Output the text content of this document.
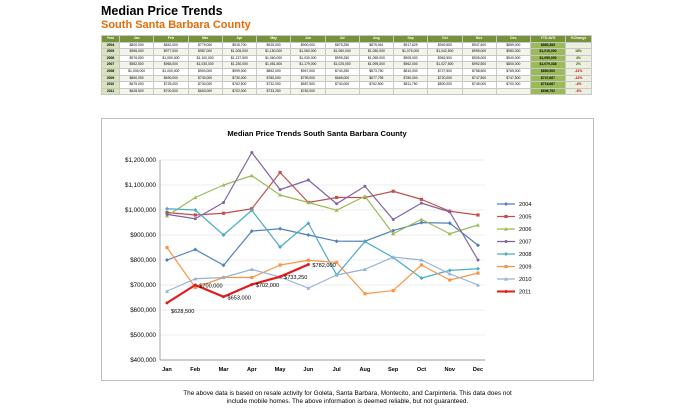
Median Price Trends
South Santa Barbara County
Year	Jan	Feb	Mar	Apr	May	Jun	Jul	Aug	Sep	Oct	Nov	Dec	YTD AVG	%Change
2004	$800,000	$842,000	$779,000	$915,700	$925,000	$900,000	$875,250	$875,061	$917,629	$949,500	$947,500	$859,000	$860,283	
2005	$965,000	$977,000	$987,000	$1,005,000	$1,150,000	$1,060,000	$1,060,000	$1,050,000	$1,075,000	$1,042,500	$995,000	$980,000	$1,019,000	18%
2006	$976,500	$1,050,000	$1,100,000	$1,137,500	$1,060,000	$1,030,000	$999,250	$1,055,000	$905,000	$962,500	$905,000	$940,000	$1,059,000	4%
2007	$982,500	$965,000	$1,030,000	$1,230,000	$1,081,500	$1,179,000	$1,025,000	$1,095,000	$962,000	$1,027,500	$992,500	$800,000	$1,079,338	2%
2008	$1,005,000	$1,000,000	$900,000	$999,000	$852,000	$947,000	$740,250	$873,750	$810,000	$727,500	$758,500	$765,000	$850,500	-21%
2009	$850,000	$690,000	$730,000	$730,000	$780,000	$799,000	$665,000	$677,795	$780,000	$720,000	$747,500	$747,500	$747,667	-12%
2010	$675,000	$725,000	$730,000	$762,500	$732,000	$687,500	$740,000	$762,500	$811,750	$800,000	$745,000	$700,000	$718,667	-4%
2011	$628,500	$700,000	$653,000	$702,000	$733,250	$782,000							$696,792	-3%
Median Price Trends South Santa Barbara County
$400,000
$500,000
$600,000
$700,000
$800,000
$900,000
$1,000,000
$1,100,000
$1,200,000
Jan	Feb	Mar	Apr	May	Jun	Jul	Aug	Sep	Oct	Nov	Dec
$628,500
$700,000
$653,000
$702,000
$733,250
$782,000
2004
2005
2006
2007
2008
2009
2010
2011
The above data is based on resale activity for Goleta, Santa Barbara, Montecito, and Carpinteria. This data does not
include mobile homes. The above information is deemed reliable, but not guaranteed.
